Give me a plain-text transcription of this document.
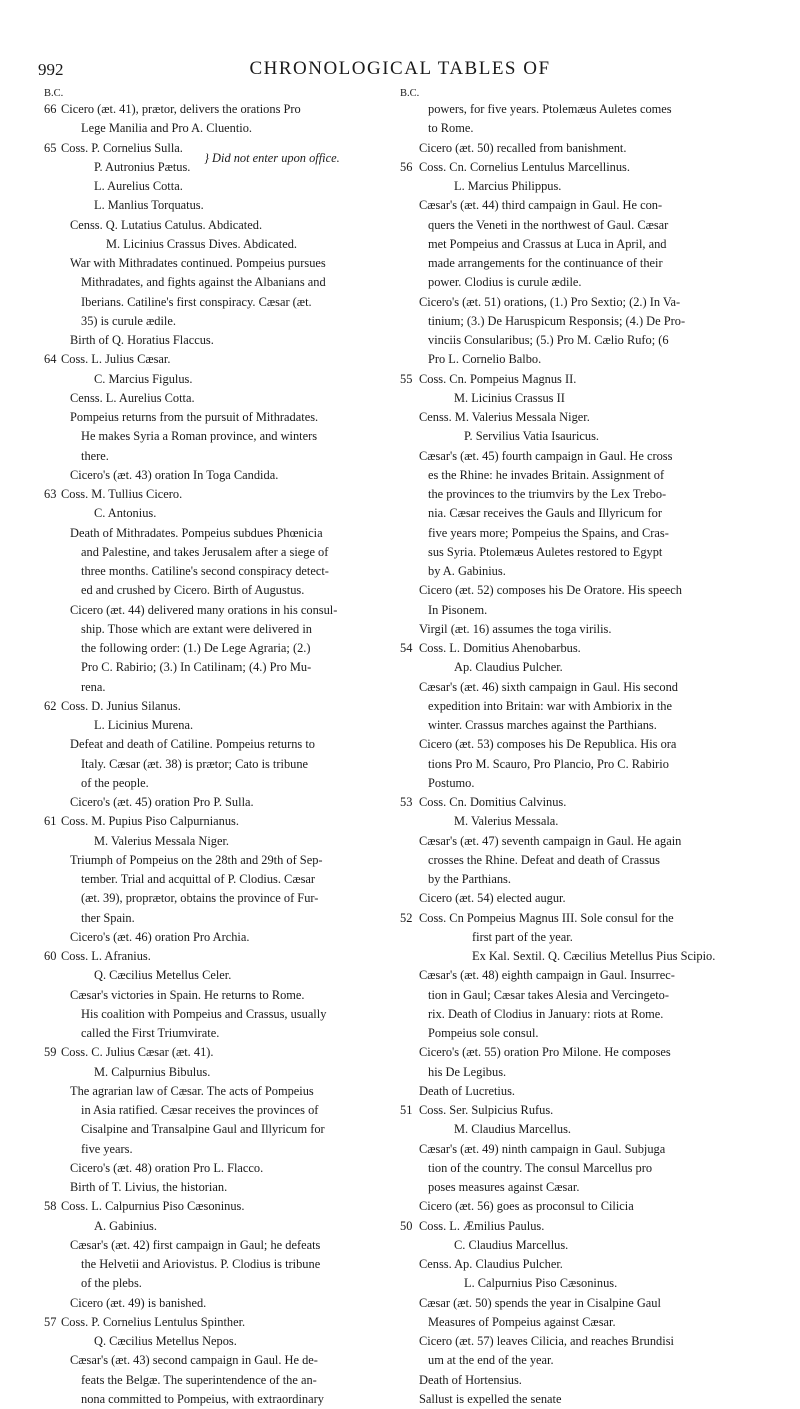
992	CHRONOLOGICAL TABLES OF
B.C.
66 Cicero (æt. 41), prætor, delivers the orations Pro
Lege Manilia and Pro A. Cluentio.
65 Coss. P. Cornelius Sulla.
} Did not enter upon office.
P. Autronius Pætus.
L. Aurelius Cotta.
L. Manlius Torquatus.
Censs. Q. Lutatius Catulus. Abdicated.
M. Licinius Crassus Dives. Abdicated.
War with Mithradates continued. Pompeius pursues
Mithradates, and fights against the Albanians and
Iberians. Catiline's first conspiracy. Cæsar (æt.
35) is curule ædile.
Birth of Q. Horatius Flaccus.
64 Coss. L. Julius Cæsar.
C. Marcius Figulus.
Censs. L. Aurelius Cotta.
Pompeius returns from the pursuit of Mithradates.
He makes Syria a Roman province, and winters
there.
Cicero's (æt. 43) oration In Toga Candida.
63 Coss. M. Tullius Cicero.
C. Antonius.
Death of Mithradates. Pompeius subdues Phœnicia
and Palestine, and takes Jerusalem after a siege of
three months. Catiline's second conspiracy detect-
ed and crushed by Cicero. Birth of Augustus.
Cicero (æt. 44) delivered many orations in his consul-
ship. Those which are extant were delivered in
the following order: (1.) De Lege Agraria; (2.)
Pro C. Rabirio; (3.) In Catilinam; (4.) Pro Mu-
rena.
62 Coss. D. Junius Silanus.
L. Licinius Murena.
Defeat and death of Catiline. Pompeius returns to
Italy. Cæsar (æt. 38) is prætor; Cato is tribune
of the people.
Cicero's (æt. 45) oration Pro P. Sulla.
61 Coss. M. Pupius Piso Calpurnianus.
M. Valerius Messala Niger.
Triumph of Pompeius on the 28th and 29th of Sep-
tember. Trial and acquittal of P. Clodius. Cæsar
(æt. 39), proprætor, obtains the province of Fur-
ther Spain.
Cicero's (æt. 46) oration Pro Archia.
60 Coss. L. Afranius.
Q. Cæcilius Metellus Celer.
Cæsar's victories in Spain. He returns to Rome.
His coalition with Pompeius and Crassus, usually
called the First Triumvirate.
59 Coss. C. Julius Cæsar (æt. 41).
M. Calpurnius Bibulus.
The agrarian law of Cæsar. The acts of Pompeius
in Asia ratified. Cæsar receives the provinces of
Cisalpine and Transalpine Gaul and Illyricum for
five years.
Cicero's (æt. 48) oration Pro L. Flacco.
Birth of T. Livius, the historian.
58 Coss. L. Calpurnius Piso Cæsoninus.
A. Gabinius.
Cæsar's (æt. 42) first campaign in Gaul; he defeats
the Helvetii and Ariovistus. P. Clodius is tribune
of the plebs.
Cicero (æt. 49) is banished.
57 Coss. P. Cornelius Lentulus Spinther.
Q. Cæcilius Metellus Nepos.
Cæsar's (æt. 43) second campaign in Gaul. He de-
feats the Belgæ. The superintendence of the an-
nona committed to Pompeius, with extraordinary
B.C.
powers, for five years. Ptolemæus Auletes comes
to Rome.
Cicero (æt. 50) recalled from banishment.
56 Coss. Cn. Cornelius Lentulus Marcellinus.
L. Marcius Philippus.
Cæsar's (æt. 44) third campaign in Gaul. He con-
quers the Veneti in the northwest of Gaul. Cæsar
met Pompeius and Crassus at Luca in April, and
made arrangements for the continuance of their
power. Clodius is curule ædile.
Cicero's (æt. 51) orations, (1.) Pro Sextio; (2.) In Va-
tinium; (3.) De Haruspicum Responsis; (4.) De Pro-
vinciis Consularibus; (5.) Pro M. Cælio Rufo; (6
Pro L. Cornelio Balbo.
55 Coss. Cn. Pompeius Magnus II.
M. Licinius Crassus II
Censs. M. Valerius Messala Niger.
P. Servilius Vatia Isauricus.
Cæsar's (æt. 45) fourth campaign in Gaul. He cross
es the Rhine: he invades Britain. Assignment of
the provinces to the triumvirs by the Lex Trebo-
nia. Cæsar receives the Gauls and Illyricum for
five years more; Pompeius the Spains, and Cras-
sus Syria. Ptolemæus Auletes restored to Egypt
by A. Gabinius.
Cicero (æt. 52) composes his De Oratore. His speech
In Pisonem.
Virgil (æt. 16) assumes the toga virilis.
54 Coss. L. Domitius Ahenobarbus.
Ap. Claudius Pulcher.
Cæsar's (æt. 46) sixth campaign in Gaul. His second
expedition into Britain: war with Ambiorix in the
winter. Crassus marches against the Parthians.
Cicero (æt. 53) composes his De Republica. His ora
tions Pro M. Scauro, Pro Plancio, Pro C. Rabirio
Postumo.
53 Coss. Cn. Domitius Calvinus.
M. Valerius Messala.
Cæsar's (æt. 47) seventh campaign in Gaul. He again
crosses the Rhine. Defeat and death of Crassus
by the Parthians.
Cicero (æt. 54) elected augur.
52 Coss. Cn Pompeius Magnus III. Sole consul for the
first part of the year.
Ex Kal. Sextil. Q. Cæcilius Metellus Pius Scipio.
Cæsar's (æt. 48) eighth campaign in Gaul. Insurrec-
tion in Gaul; Cæsar takes Alesia and Vercingeto-
rix. Death of Clodius in January: riots at Rome.
Pompeius sole consul.
Cicero's (æt. 55) oration Pro Milone. He composes
his De Legibus.
Death of Lucretius.
51 Coss. Ser. Sulpicius Rufus.
M. Claudius Marcellus.
Cæsar's (æt. 49) ninth campaign in Gaul. Subjuga
tion of the country. The consul Marcellus pro
poses measures against Cæsar.
Cicero (æt. 56) goes as proconsul to Cilicia
50 Coss. L. Æmilius Paulus.
C. Claudius Marcellus.
Censs. Ap. Claudius Pulcher.
L. Calpurnius Piso Cæsoninus.
Cæsar (æt. 50) spends the year in Cisalpine Gaul
Measures of Pompeius against Cæsar.
Cicero (æt. 57) leaves Cilicia, and reaches Brundisi
um at the end of the year.
Death of Hortensius.
Sallust is expelled the senate
